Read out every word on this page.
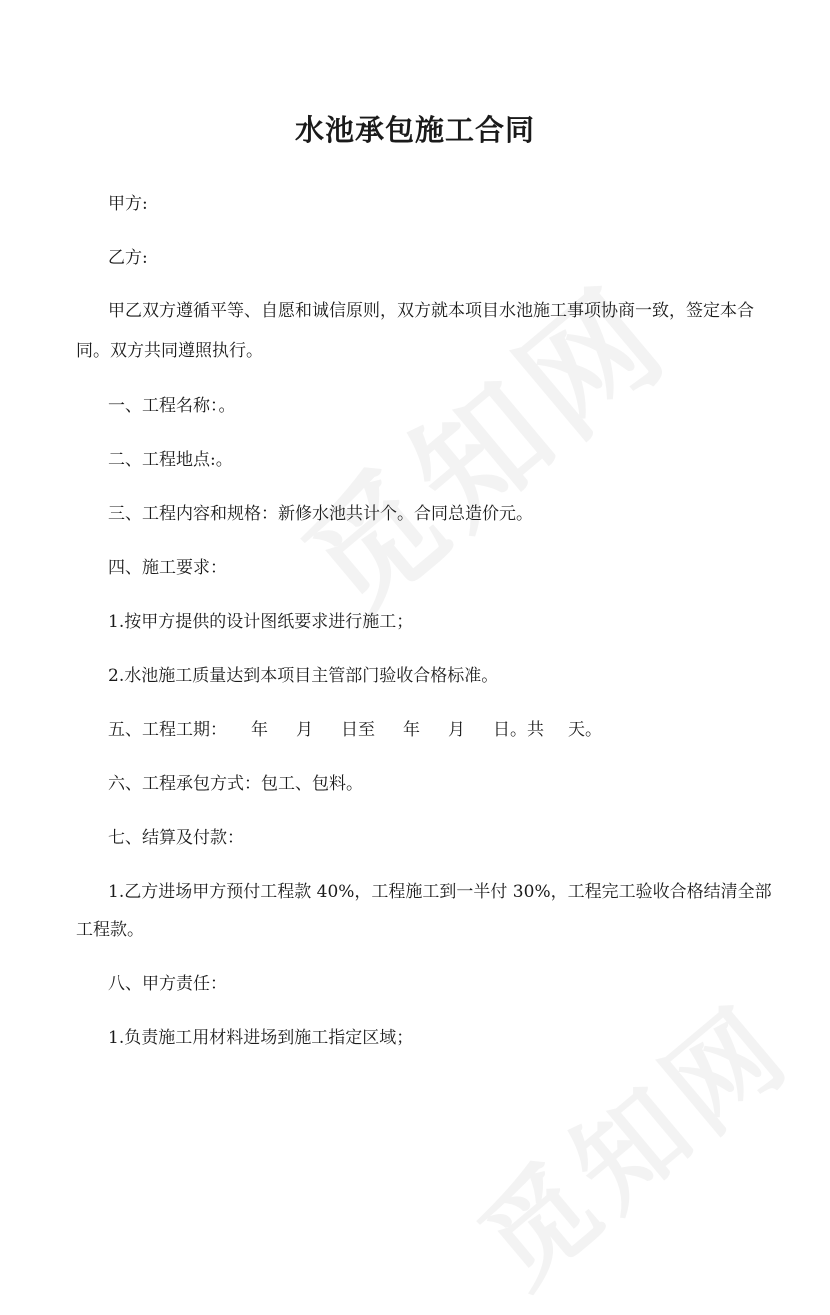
水池承包施工合同

甲方:

乙方:

甲乙双方遵循平等、自愿和诚信原则，双方就本项目水池施工事项协商一致，签定本合

同。双方共同遵照执行。

一、工程名称：。

二、工程地点:。

三、工程内容和规格：新修水池共计个。合同总造价元。

四、施工要求：

1.按甲方提供的设计图纸要求进行施工；

2.水池施工质量达到本项目主管部门验收合格标准。

五、工程工期： 年 月 日至 年 月 日。共 天。

六、工程承包方式：包工、包料。

七、结算及付款：

1.乙方进场甲方预付工程款 40%，工程施工到一半付 30%，工程完工验收合格结清全部

工程款。

八、甲方责任：

1.负责施工用材料进场到施工指定区域；
